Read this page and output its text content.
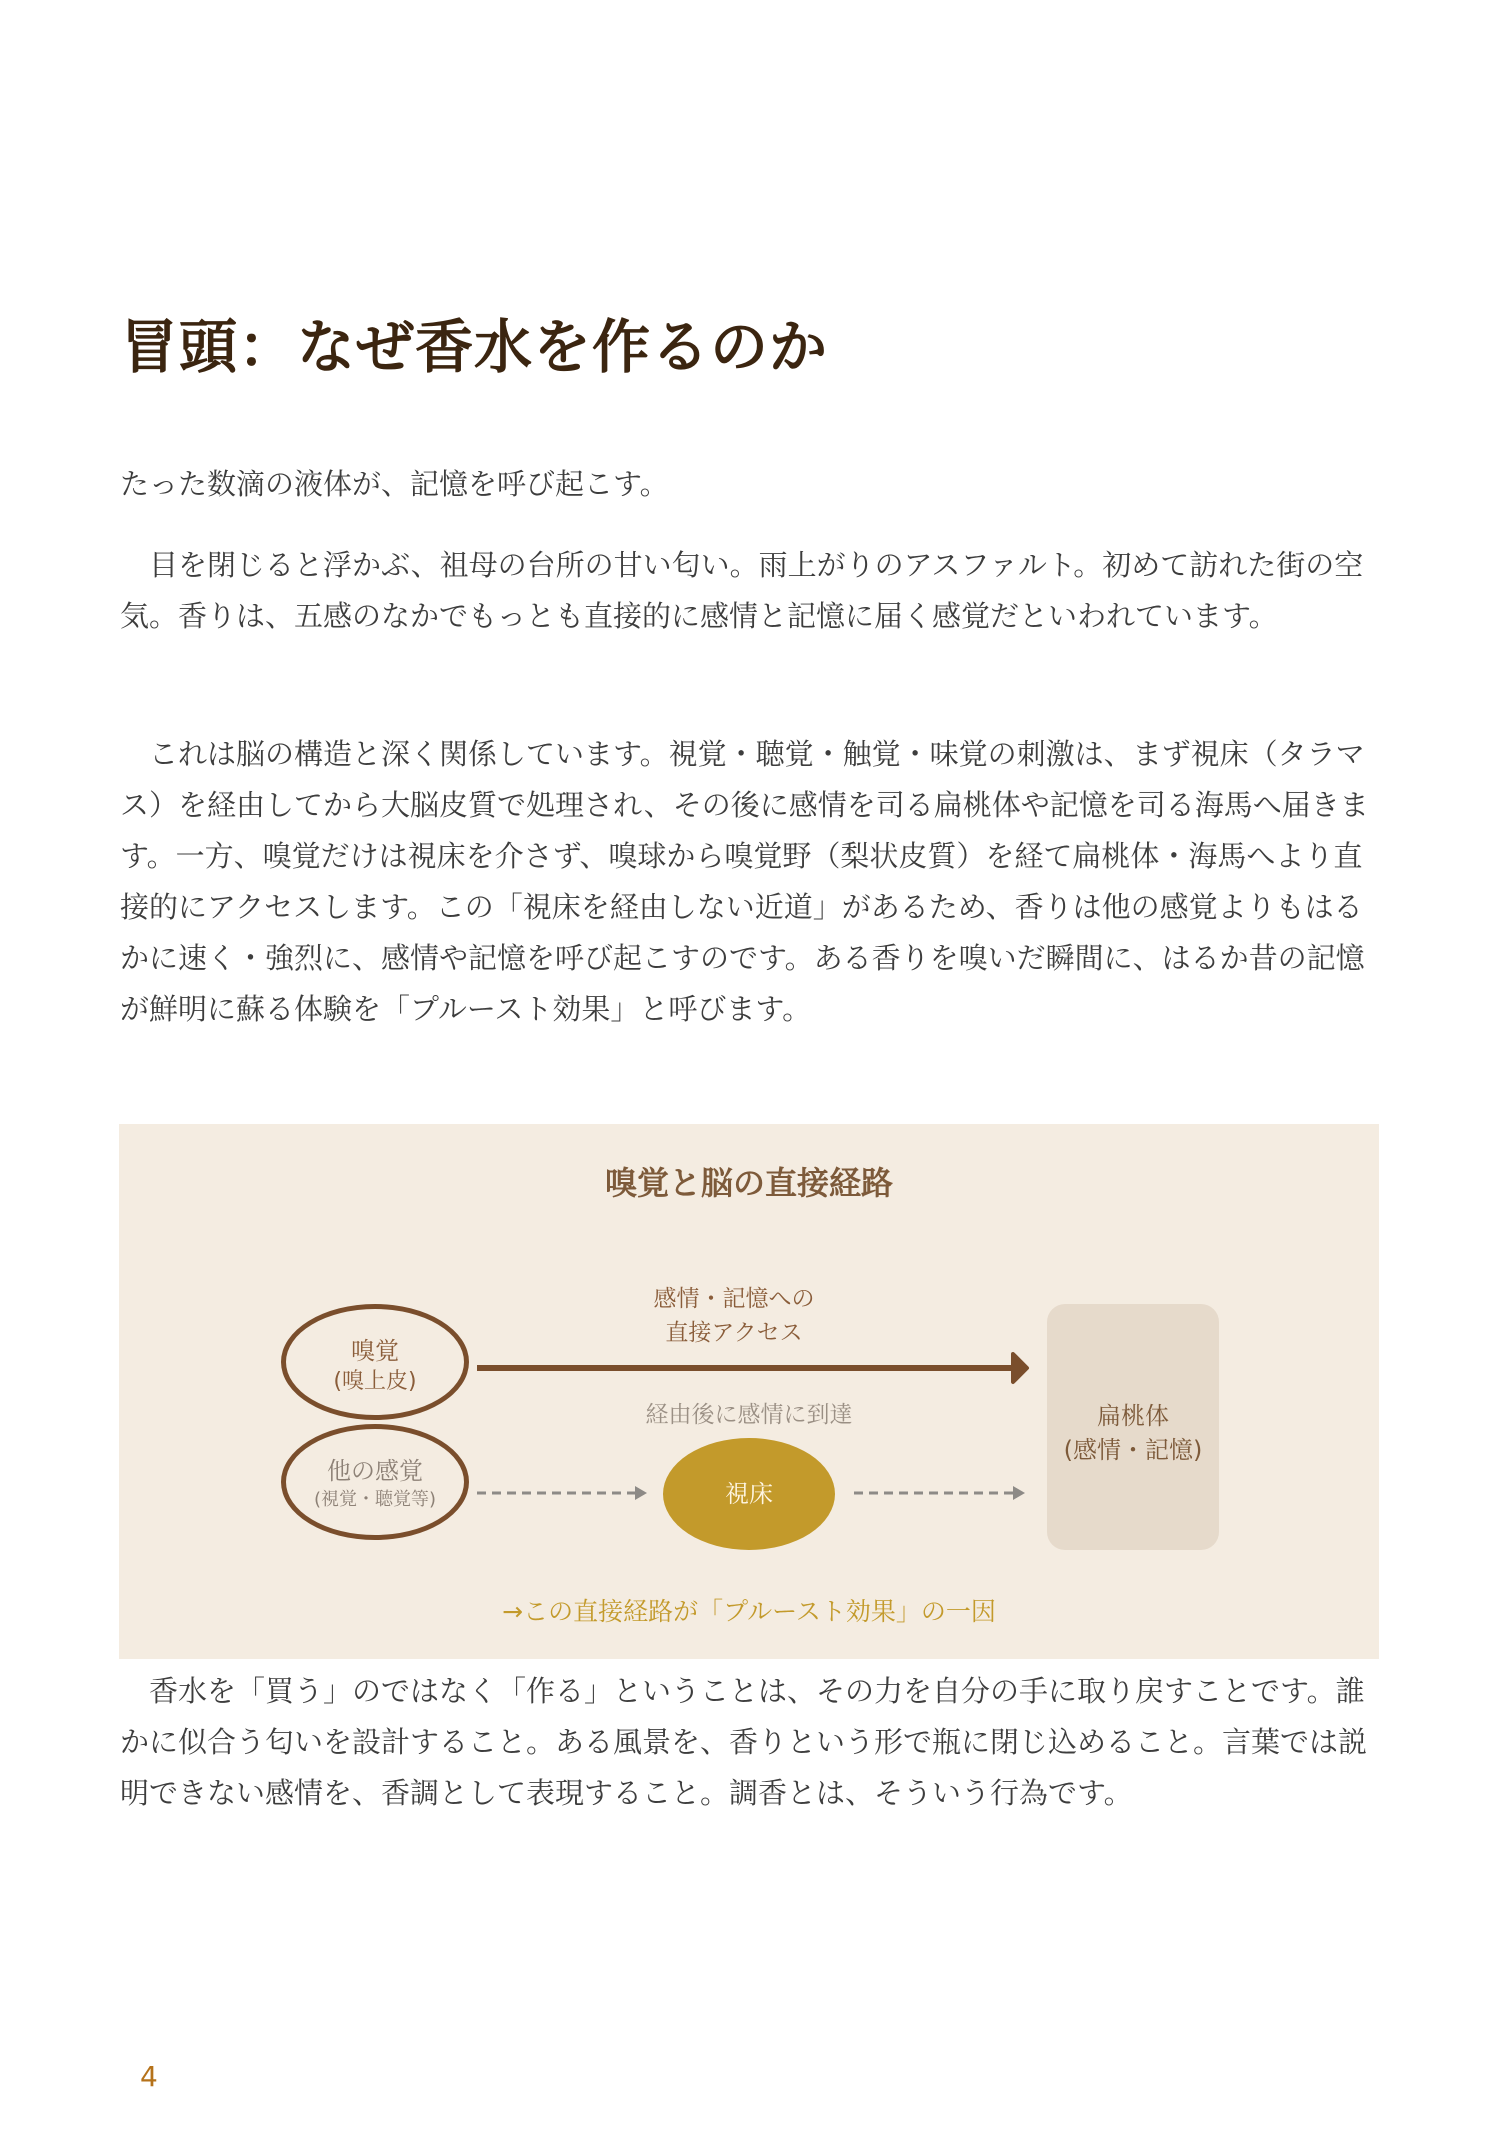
冒頭：なぜ香水を作るのか

たった数滴の液体が、記憶を呼び起こす。

目を閉じると浮かぶ、祖母の台所の甘い匂い。雨上がりのアスファルト。初めて訪れた街の空気。香りは、五感のなかでもっとも直接的に感情と記憶に届く感覚だといわれています。

これは脳の構造と深く関係しています。視覚・聴覚・触覚・味覚の刺激は、まず視床（タラマス）を経由してから大脳皮質で処理され、その後に感情を司る扁桃体や記憶を司る海馬へ届きます。一方、嗅覚だけは視床を介さず、嗅球から嗅覚野（梨状皮質）を経て扁桃体・海馬へより直接的にアクセスします。この「視床を経由しない近道」があるため、香りは他の感覚よりもはるかに速く・強烈に、感情や記憶を呼び起こすのです。ある香りを嗅いだ瞬間に、はるか昔の記憶が鮮明に蘇る体験を「プルースト効果」と呼びます。

嗅覚と脳の直接経路
嗅覚
(嗅上皮)
他の感覚
(視覚・聴覚等)
感情・記憶への
直接アクセス
経由後に感情に到達
視床
扁桃体
(感情・記憶)
→この直接経路が「プルースト効果」の一因

香水を「買う」のではなく「作る」ということは、その力を自分の手に取り戻すことです。誰かに似合う匂いを設計すること。ある風景を、香りという形で瓶に閉じ込めること。言葉では説明できない感情を、香調として表現すること。調香とは、そういう行為です。

4
